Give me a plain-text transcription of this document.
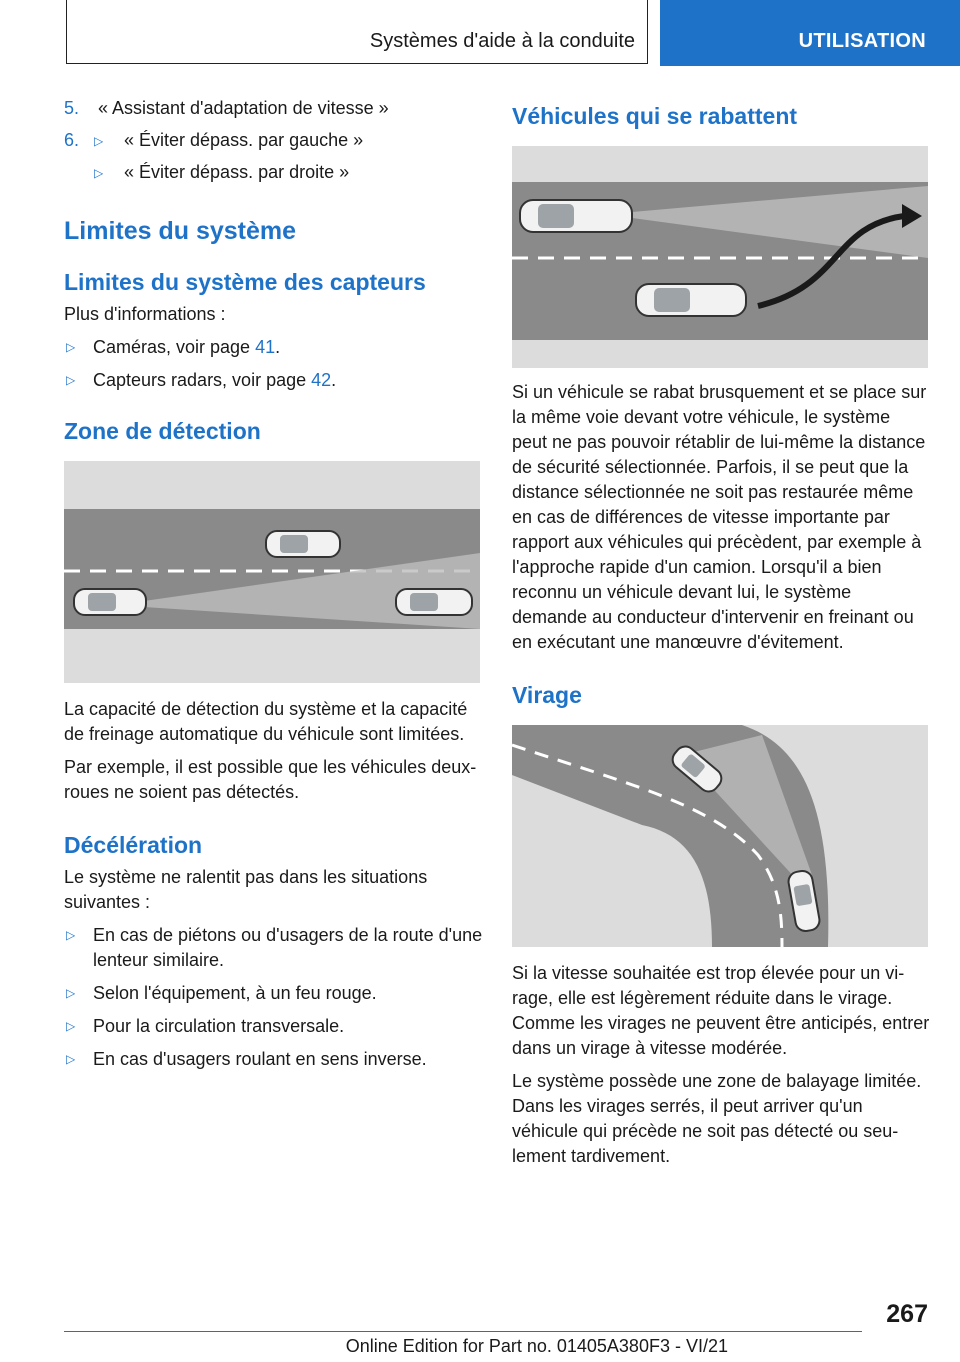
Systèmes d'aide à la conduite	UTILISATION
5. « Assistant d'adaptation de vitesse »
6. ▷ « Éviter dépass. par gauche »
▷ « Éviter dépass. par droite »
Limites du système
Limites du système des capteurs

Plus d'informations :

▷ Caméras, voir page 41.
▷ Capteurs radars, voir page 42.
Zone de détection

La capacité de détection du système et la capacité de freinage automatique du véhicule sont limitées.

Par exemple, il est possible que les véhicules deux-roues ne soient pas détectés.

Décélération

Le système ne ralentit pas dans les situations suivantes :

▷ En cas de piétons ou d'usagers de la route d'une lenteur similaire.
▷ Selon l'équipement, à un feu rouge.
▷ Pour la circulation transversale.
▷ En cas d'usagers roulant en sens inverse.
Véhicules qui se rabattent

Si un véhicule se rabat brusquement et se place sur la même voie devant votre véhicule, le système peut ne pas pouvoir rétablir de lui-même la distance de sécurité sélectionnée. Parfois, il se peut que la distance sélectionnée ne soit pas restaurée même en cas de différences de vitesse importante par rapport aux véhicules qui précèdent, par exemple à l'approche rapide d'un camion. Lorsqu'il a bien reconnu un véhicule devant lui, le système demande au conducteur d'intervenir en freinant ou en exécutant une manœuvre d'évitement.

Virage

Si la vitesse souhaitée est trop élevée pour un virage, elle est légèrement réduite dans le virage. Comme les virages ne peuvent être anticipés, entrer dans un virage à vitesse modérée.

Le système possède une zone de balayage limitée. Dans les virages serrés, il peut arriver qu'un véhicule qui précède ne soit pas détecté ou seulement tardivement.

267
Online Edition for Part no. 01405A380F3 - VI/21
